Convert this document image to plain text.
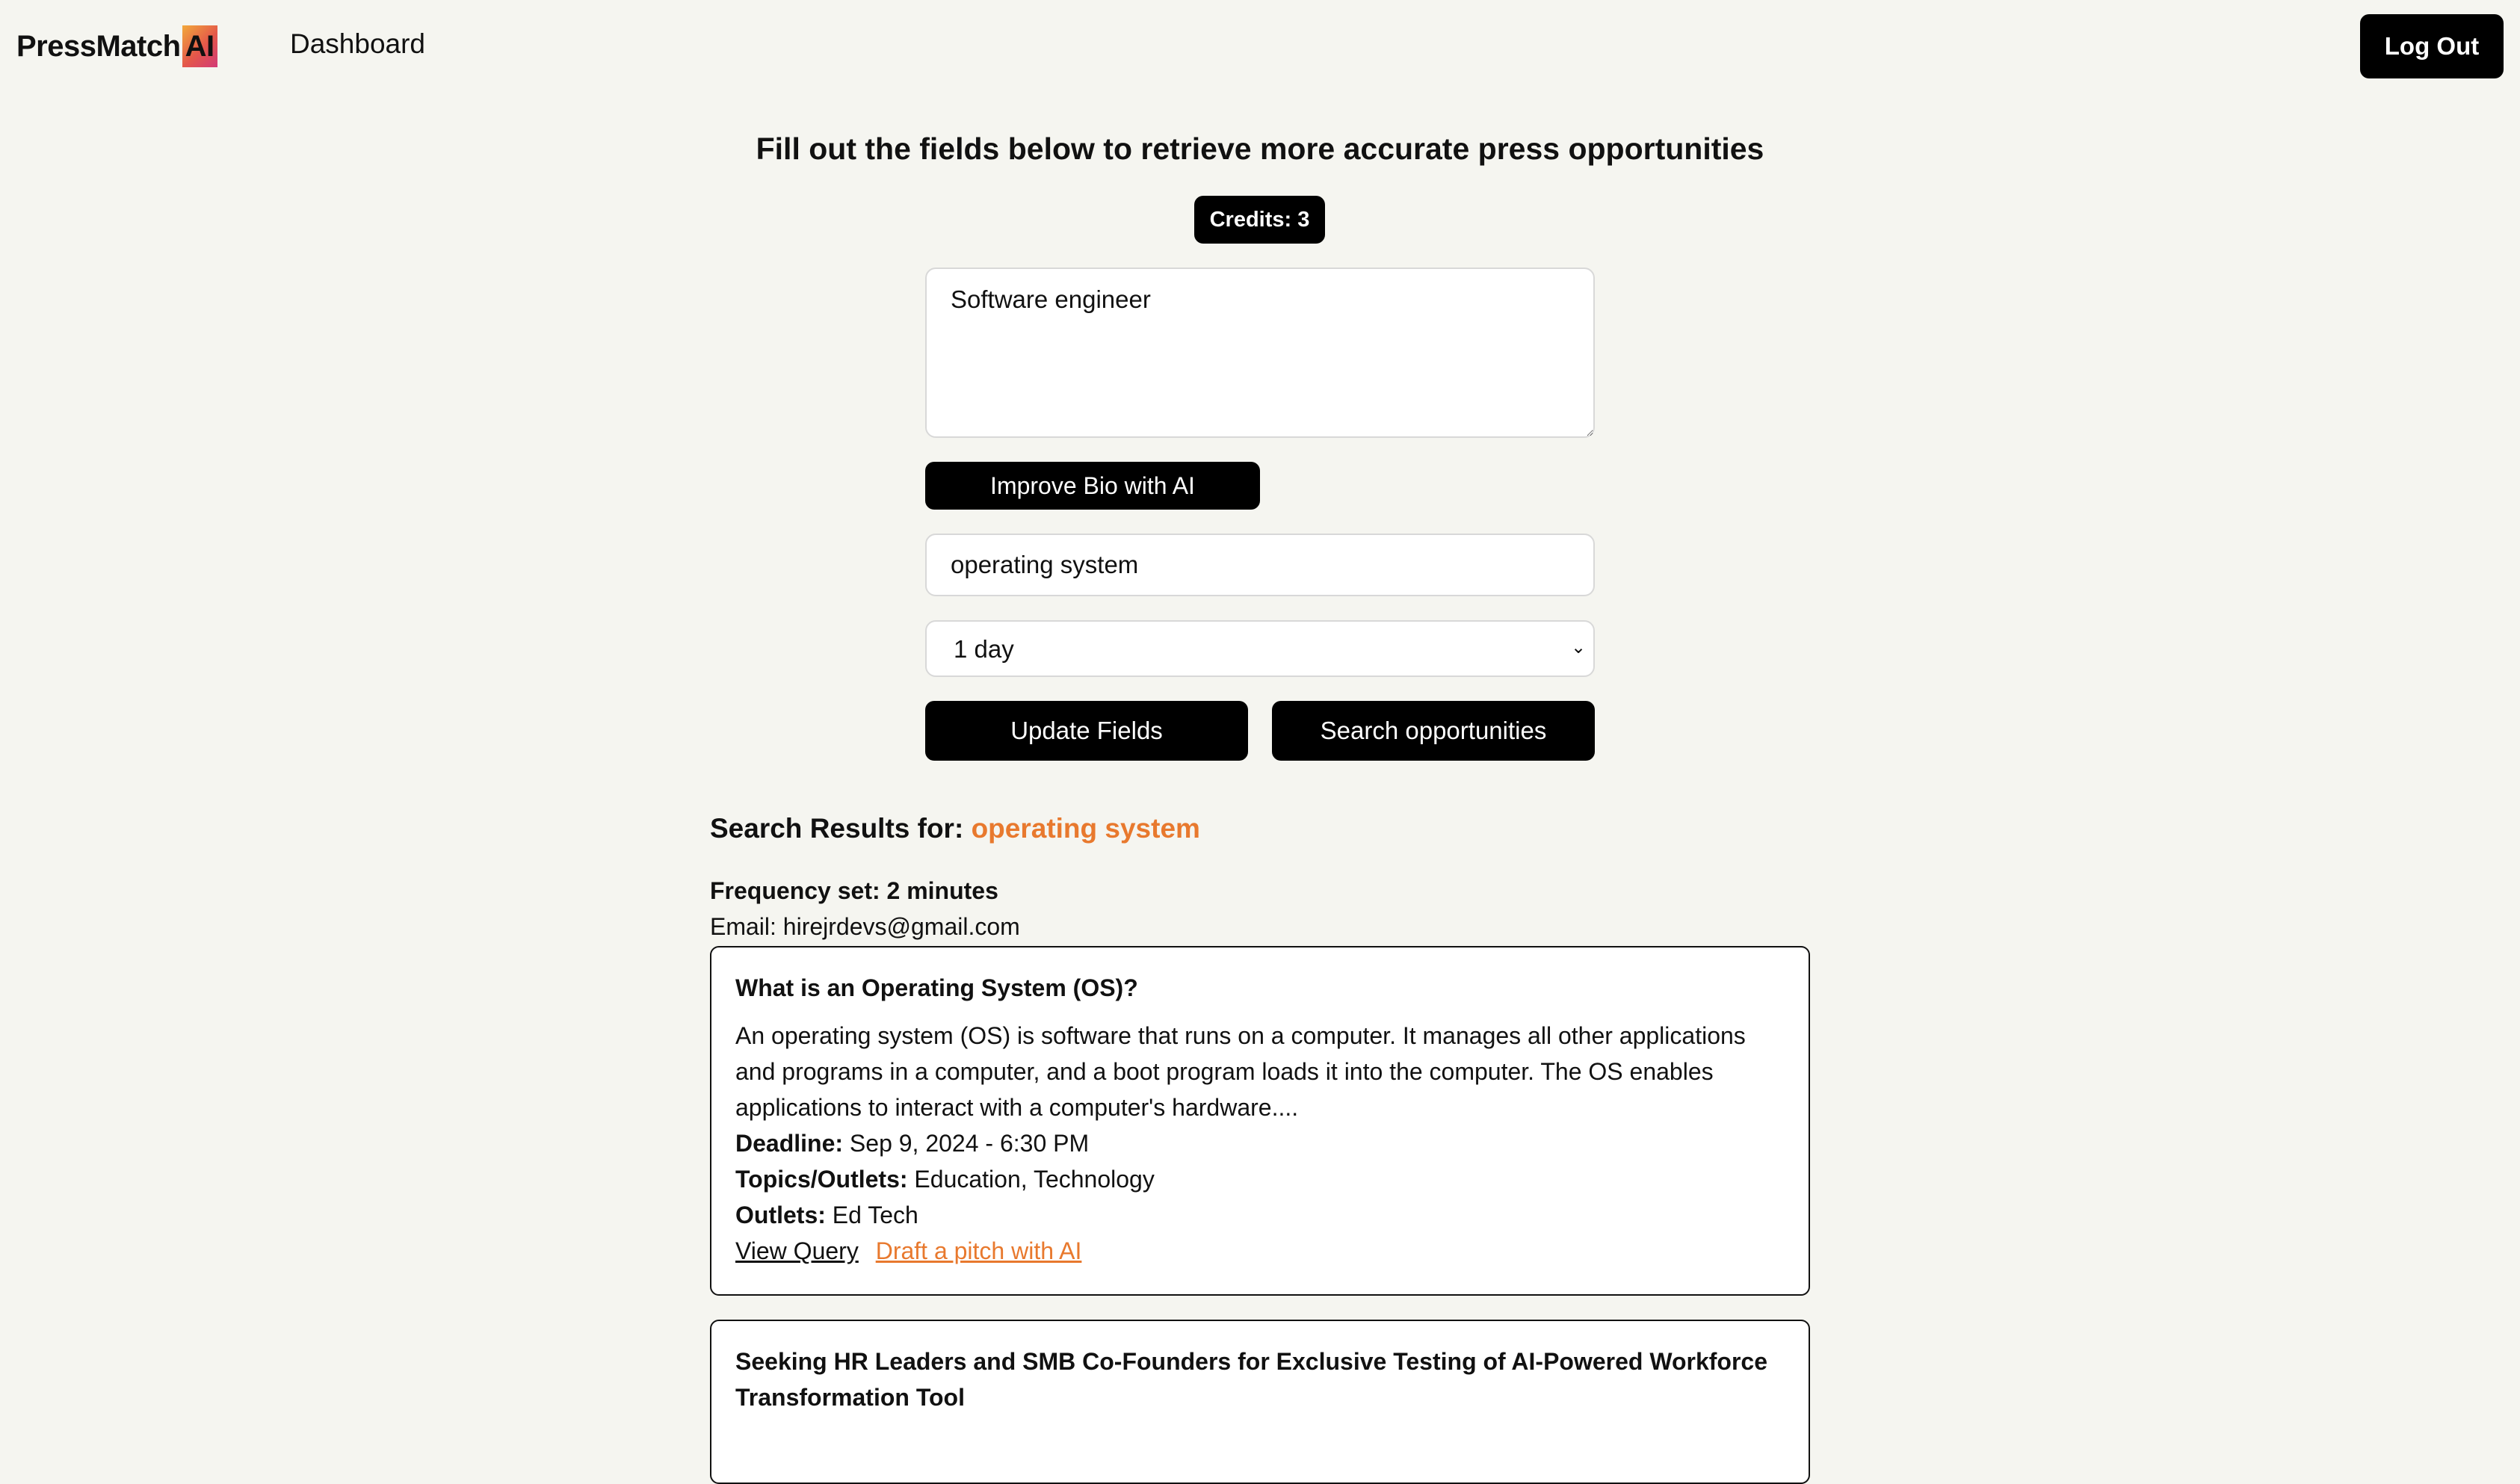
PressMatch AI	Dashboard	Log Out
Fill out the fields below to retrieve more accurate press opportunities
Credits: 3
Software engineer
Improve Bio with AI
operating system
1 day
⌄
Update Fields	Search opportunities
Search Results for: operating system
Frequency set: 2 minutes
Email: hirejrdevs@gmail.com
What is an Operating System (OS)?
An operating system (OS) is software that runs on a computer. It manages all other applications and programs in a computer, and a boot program loads it into the computer. The OS enables applications to interact with a computer's hardware....
Deadline: Sep 9, 2024 - 6:30 PM
Topics/Outlets: Education, Technology
Outlets: Ed Tech
View Query Draft a pitch with AI
Seeking HR Leaders and SMB Co-Founders for Exclusive Testing of AI-Powered Workforce Transformation Tool
